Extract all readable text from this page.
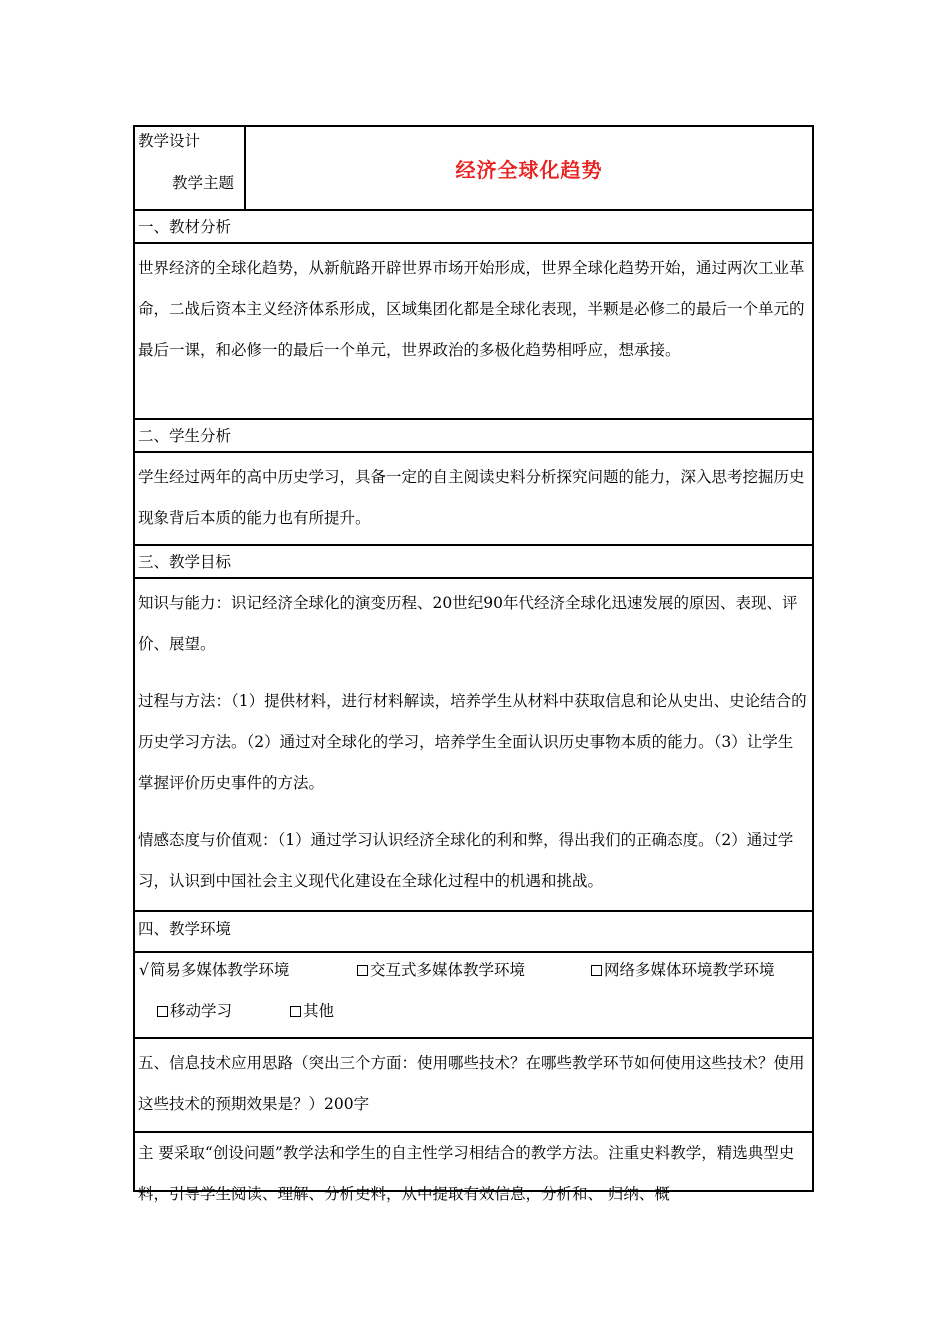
教学设计
教学主题
经济全球化趋势
一、教材分析

世界经济的全球化趋势，从新航路开辟世界市场开始形成，世界全球化趋势开始，通过两次工业革命，二战后资本主义经济体系形成，区域集团化都是全球化表现，半颗是必修二的最后一个单元的最后一课，和必修一的最后一个单元，世界政治的多极化趋势相呼应，想承接。

二、学生分析

学生经过两年的高中历史学习，具备一定的自主阅读史料分析探究问题的能力，深入思考挖掘历史现象背后本质的能力也有所提升。

三、教学目标

知识与能力：识记经济全球化的演变历程、20世纪90年代经济全球化迅速发展的原因、表现、评价、展望。

过程与方法：（1）提供材料，进行材料解读，培养学生从材料中获取信息和论从史出、史论结合的历史学习方法。（2）通过对全球化的学习，培养学生全面认识历史事物本质的能力。（3）让学生掌握评价历史事件的方法。

情感态度与价值观：（1）通过学习认识经济全球化的利和弊，得出我们的正确态度。（2）通过学习，认识到中国社会主义现代化建设在全球化过程中的机遇和挑战。

四、教学环境
√简易多媒体教学环境	交互式多媒体教学环境	网络多媒体环境教学环境
移动学习	其他

五、信息技术应用思路（突出三个方面：使用哪些技术？在哪些教学环节如何使用这些技术？使用这些技术的预期效果是？）200字

主 要采取“创设问题”教学法和学生的自主性学习相结合的教学方法。注重史料教学，精选典型史料，引导学生阅读、理解、分析史料，从中提取有效信息，分析和、 归纳、概
